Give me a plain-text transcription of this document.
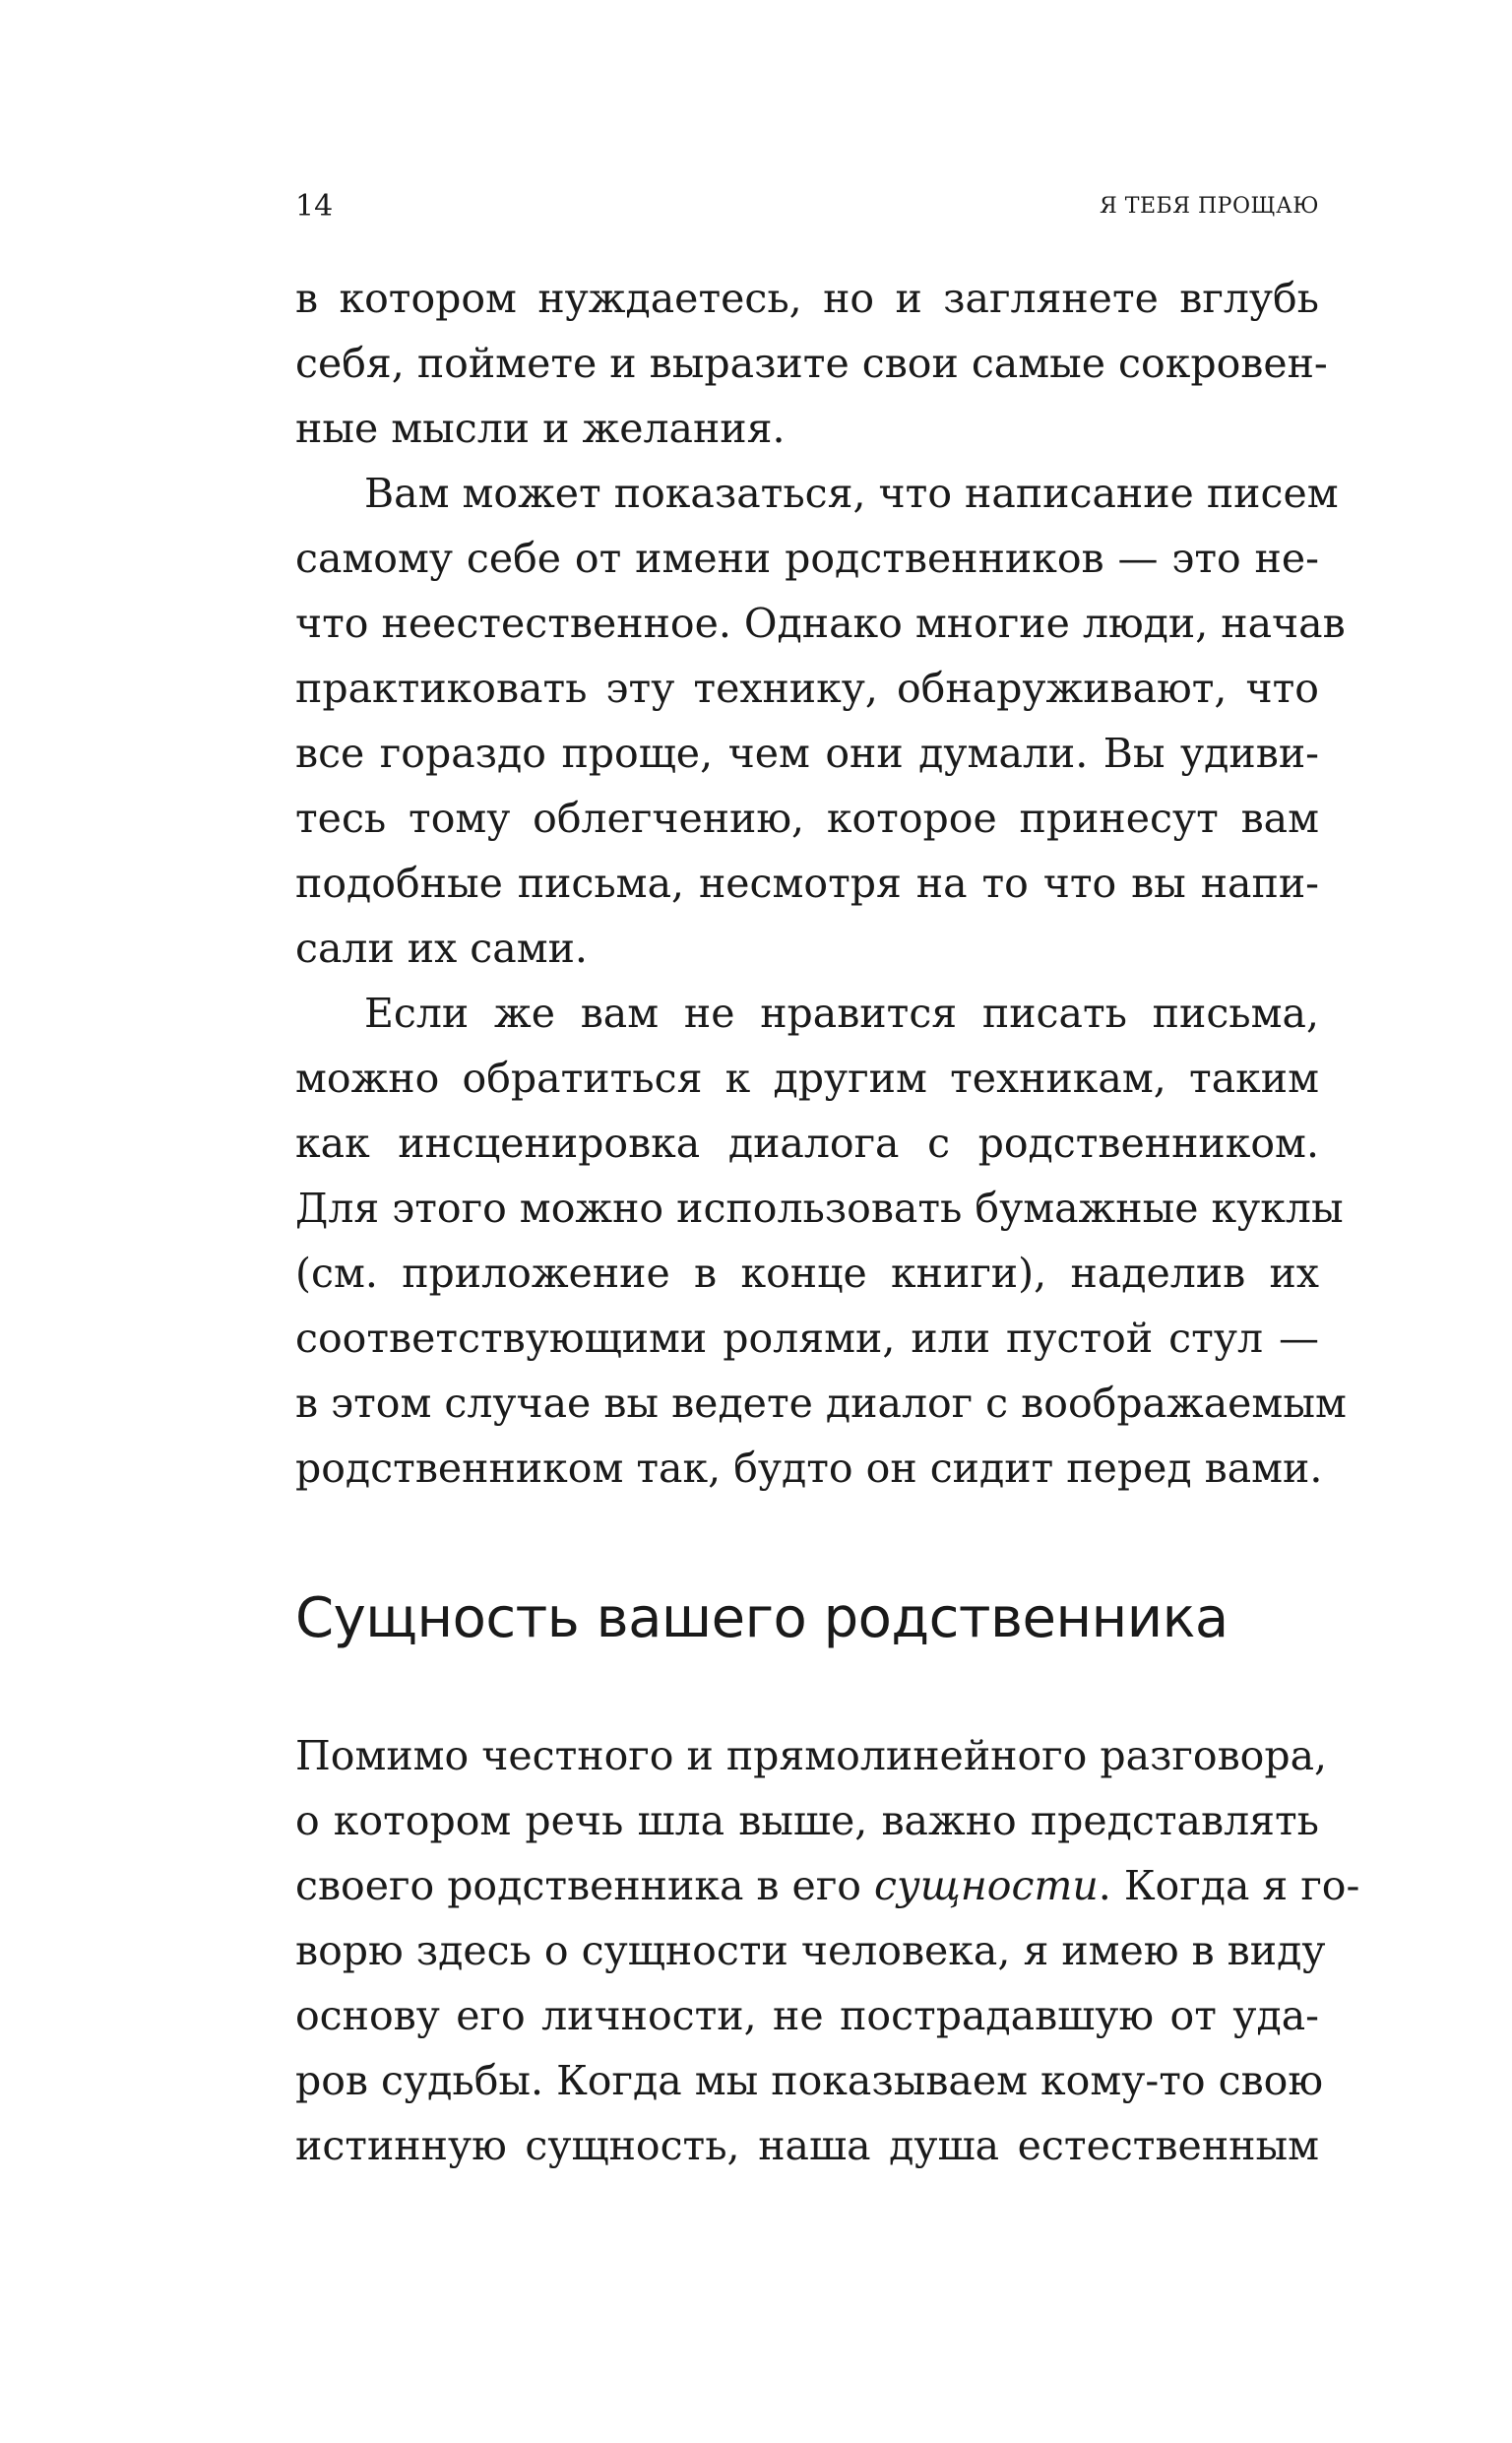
14	Я ТЕБЯ ПРОЩАЮ

в котором нуждаетесь, но и заглянете вглубь
себя, поймете и выразите свои самые сокровен-
ные мысли и желания.

Вам может показаться, что написание писем
самому себе от имени родственников — это не-
что неестественное. Однако многие люди, начав
практиковать эту технику, обнаруживают, что
все гораздо проще, чем они думали. Вы удиви-
тесь тому облегчению, которое принесут вам
подобные письма, несмотря на то что вы напи-
сали их сами.

Если же вам не нравится писать письма,
можно обратиться к другим техникам, таким
как инсценировка диалога с родственником.
Для этого можно использовать бумажные куклы
(см. приложение в конце книги), наделив их
соответствующими ролями, или пустой стул —
в этом случае вы ведете диалог с воображаемым
родственником так, будто он сидит перед вами.

Сущность вашего родственника

Помимо честного и прямолинейного разговора,
о котором речь шла выше, важно представлять
своего родственника в его сущности. Когда я го-
ворю здесь о сущности человека, я имею в виду
основу его личности, не пострадавшую от уда-
ров судьбы. Когда мы показываем кому-то свою
истинную сущность, наша душа естественным
